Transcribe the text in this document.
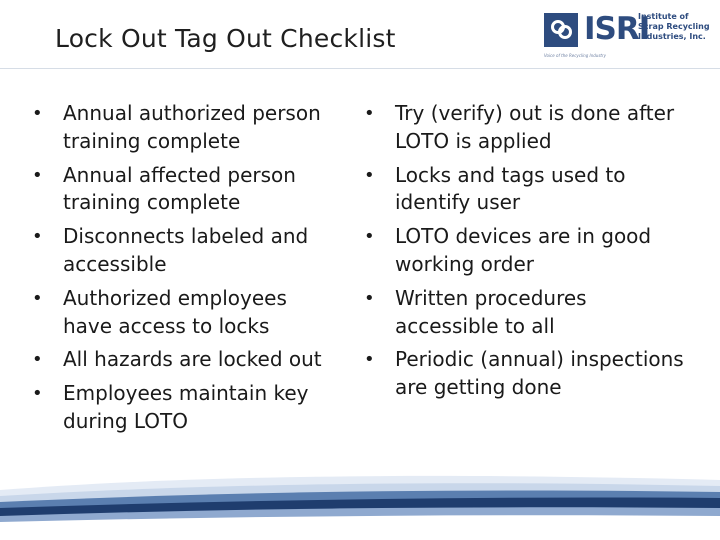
Lock Out Tag Out Checklist	ISRI
Institute of
Scrap Recycling
Industries, Inc.
Voice of the Recycling Industry
• Annual authorized person training complete
• Annual affected person training complete
• Disconnects labeled and accessible
• Authorized employees have access to locks
• All hazards are locked out
• Employees maintain key during LOTO
• Try (verify) out is done after LOTO is applied
• Locks and tags used to identify user
• LOTO devices are in good working order
• Written procedures accessible to all
• Periodic (annual) inspections are getting done
